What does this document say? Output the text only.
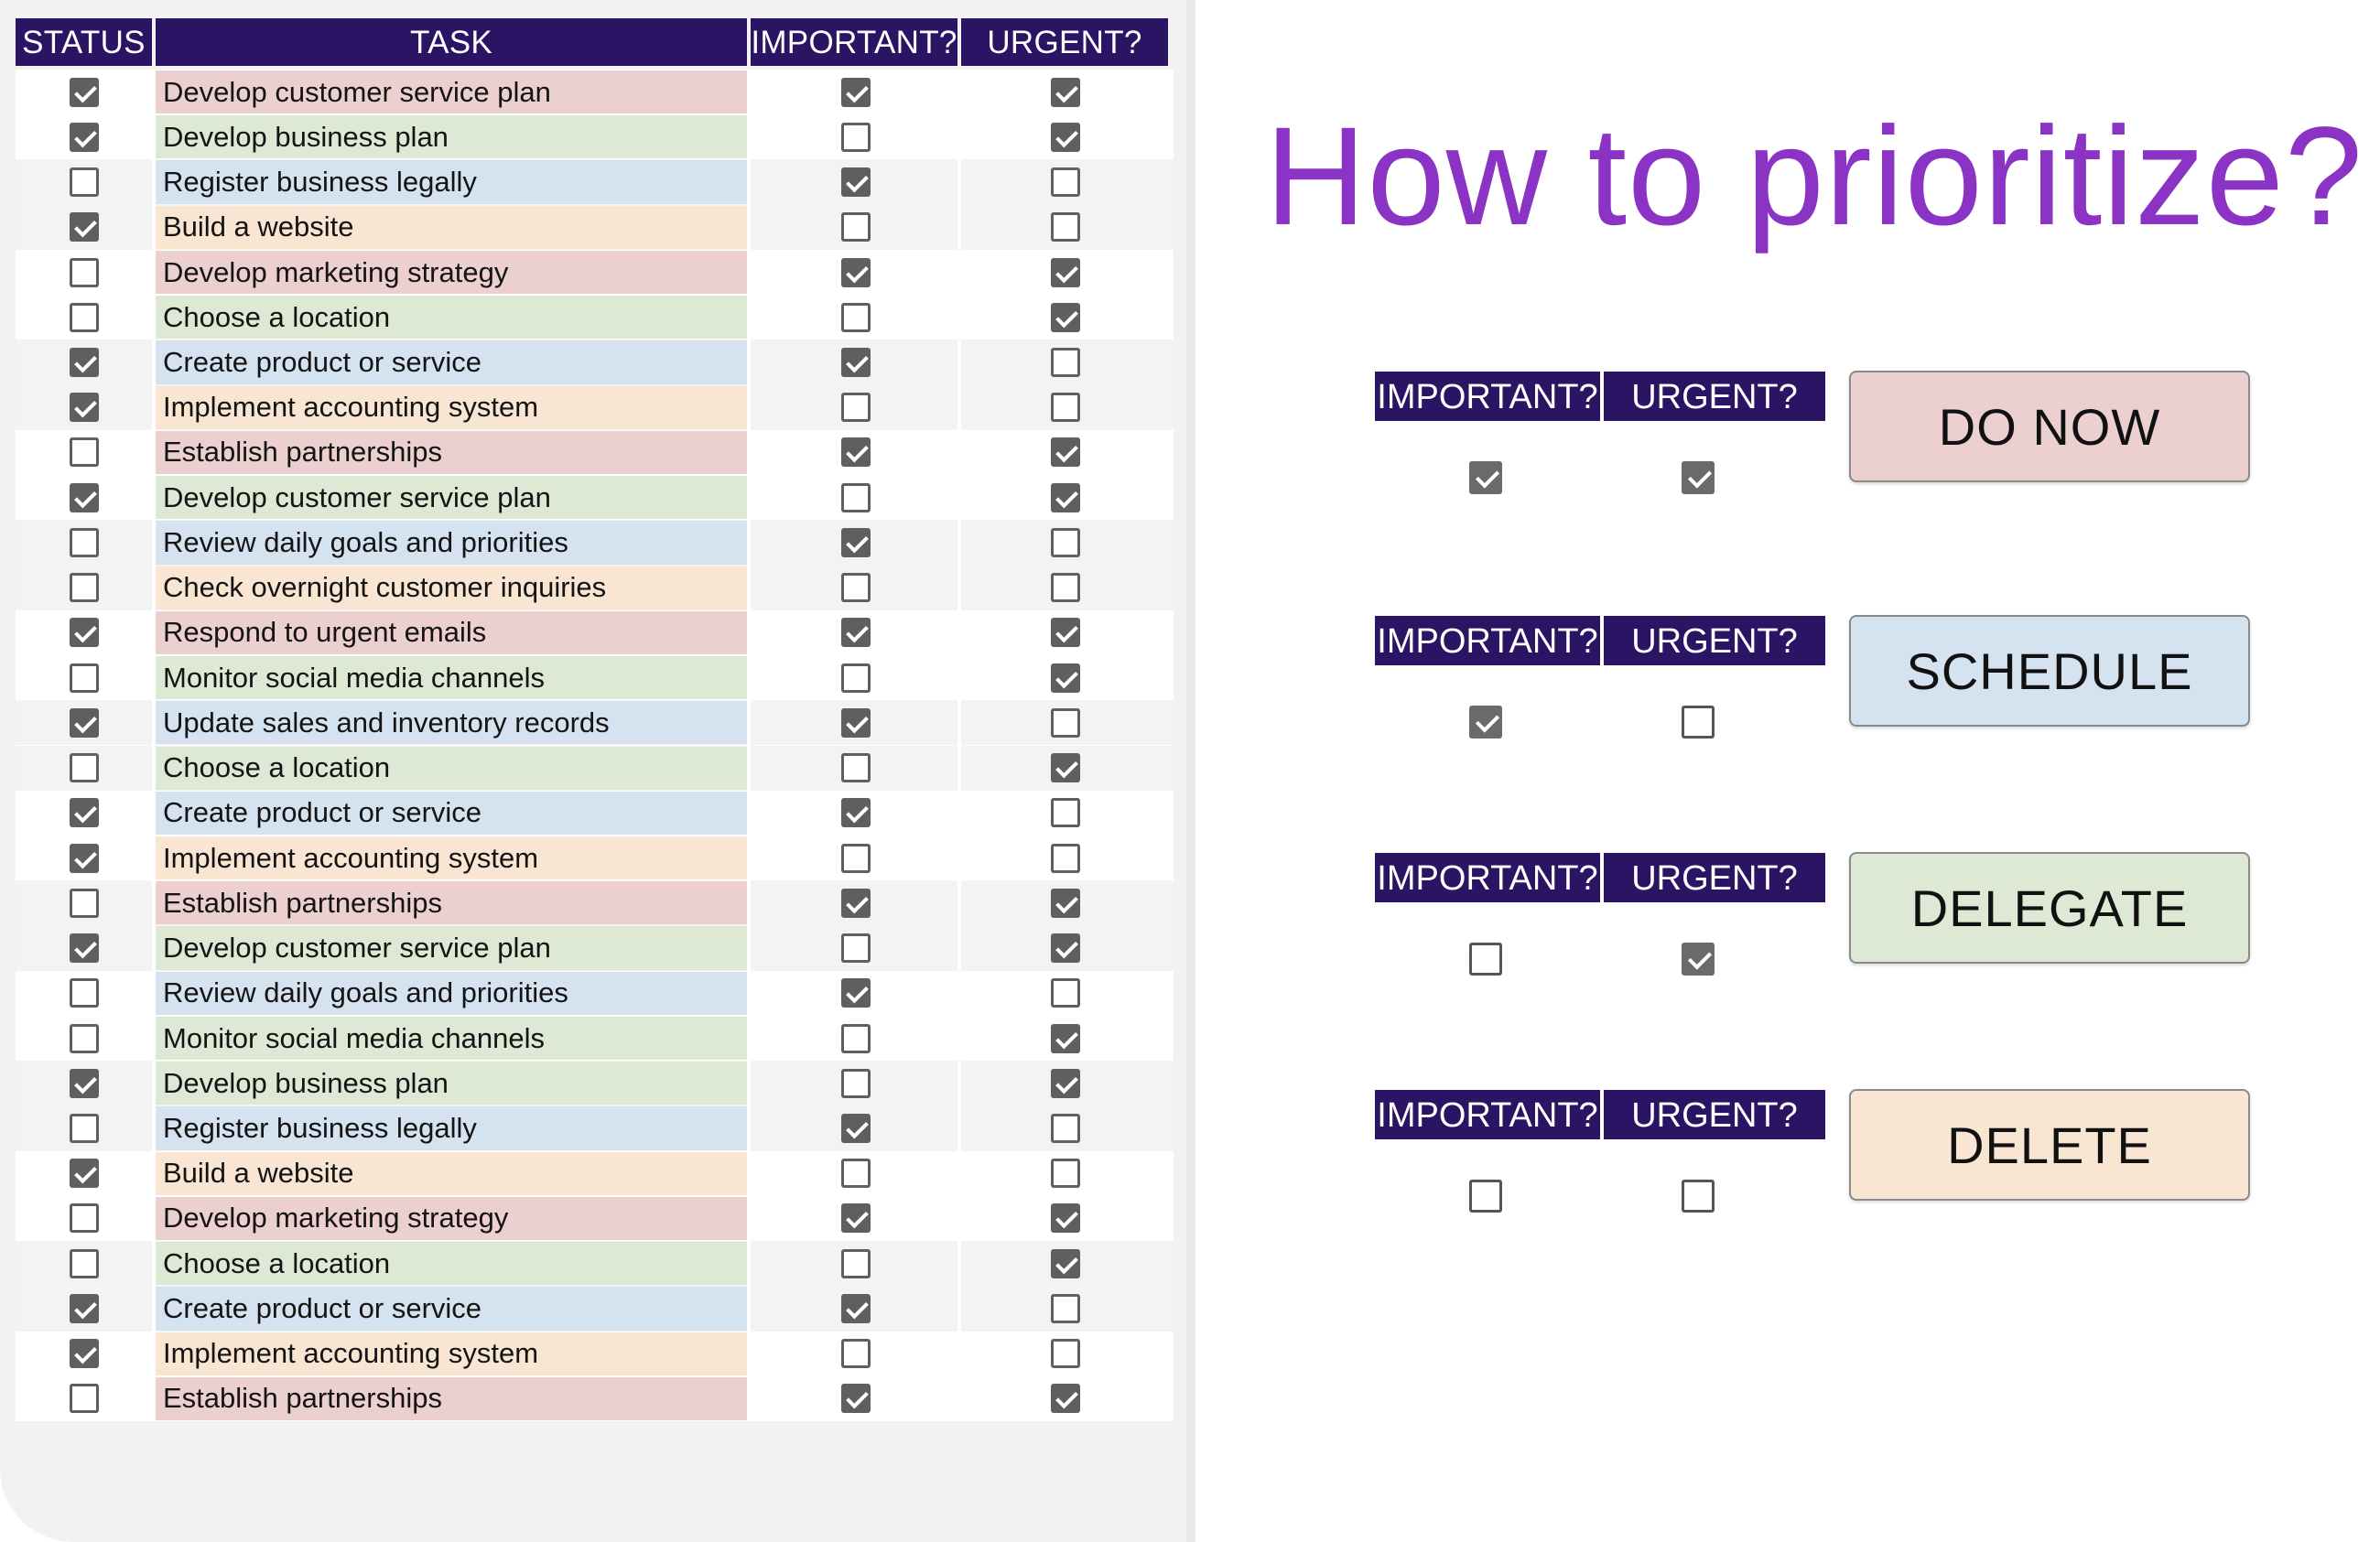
STATUS	TASK	IMPORTANT? URGENT?
Develop customer service plan
Develop business plan
Register business legally
Build a website
Develop marketing strategy
Choose a location
Create product or service
Implement accounting system
Establish partnerships
Develop customer service plan
Review daily goals and priorities
Check overnight customer inquiries
Respond to urgent emails
Monitor social media channels
Update sales and inventory records
Choose a location
Create product or service
Implement accounting system
Establish partnerships
Develop customer service plan
Review daily goals and priorities
Monitor social media channels
Develop business plan
Register business legally
Build a website
Develop marketing strategy
Choose a location
Create product or service
Implement accounting system
Establish partnerships
How to prioritize?
IMPORTANT? URGENT?
DO NOW
IMPORTANT? URGENT?
SCHEDULE
IMPORTANT? URGENT?
DELEGATE
IMPORTANT? URGENT?
DELETE
